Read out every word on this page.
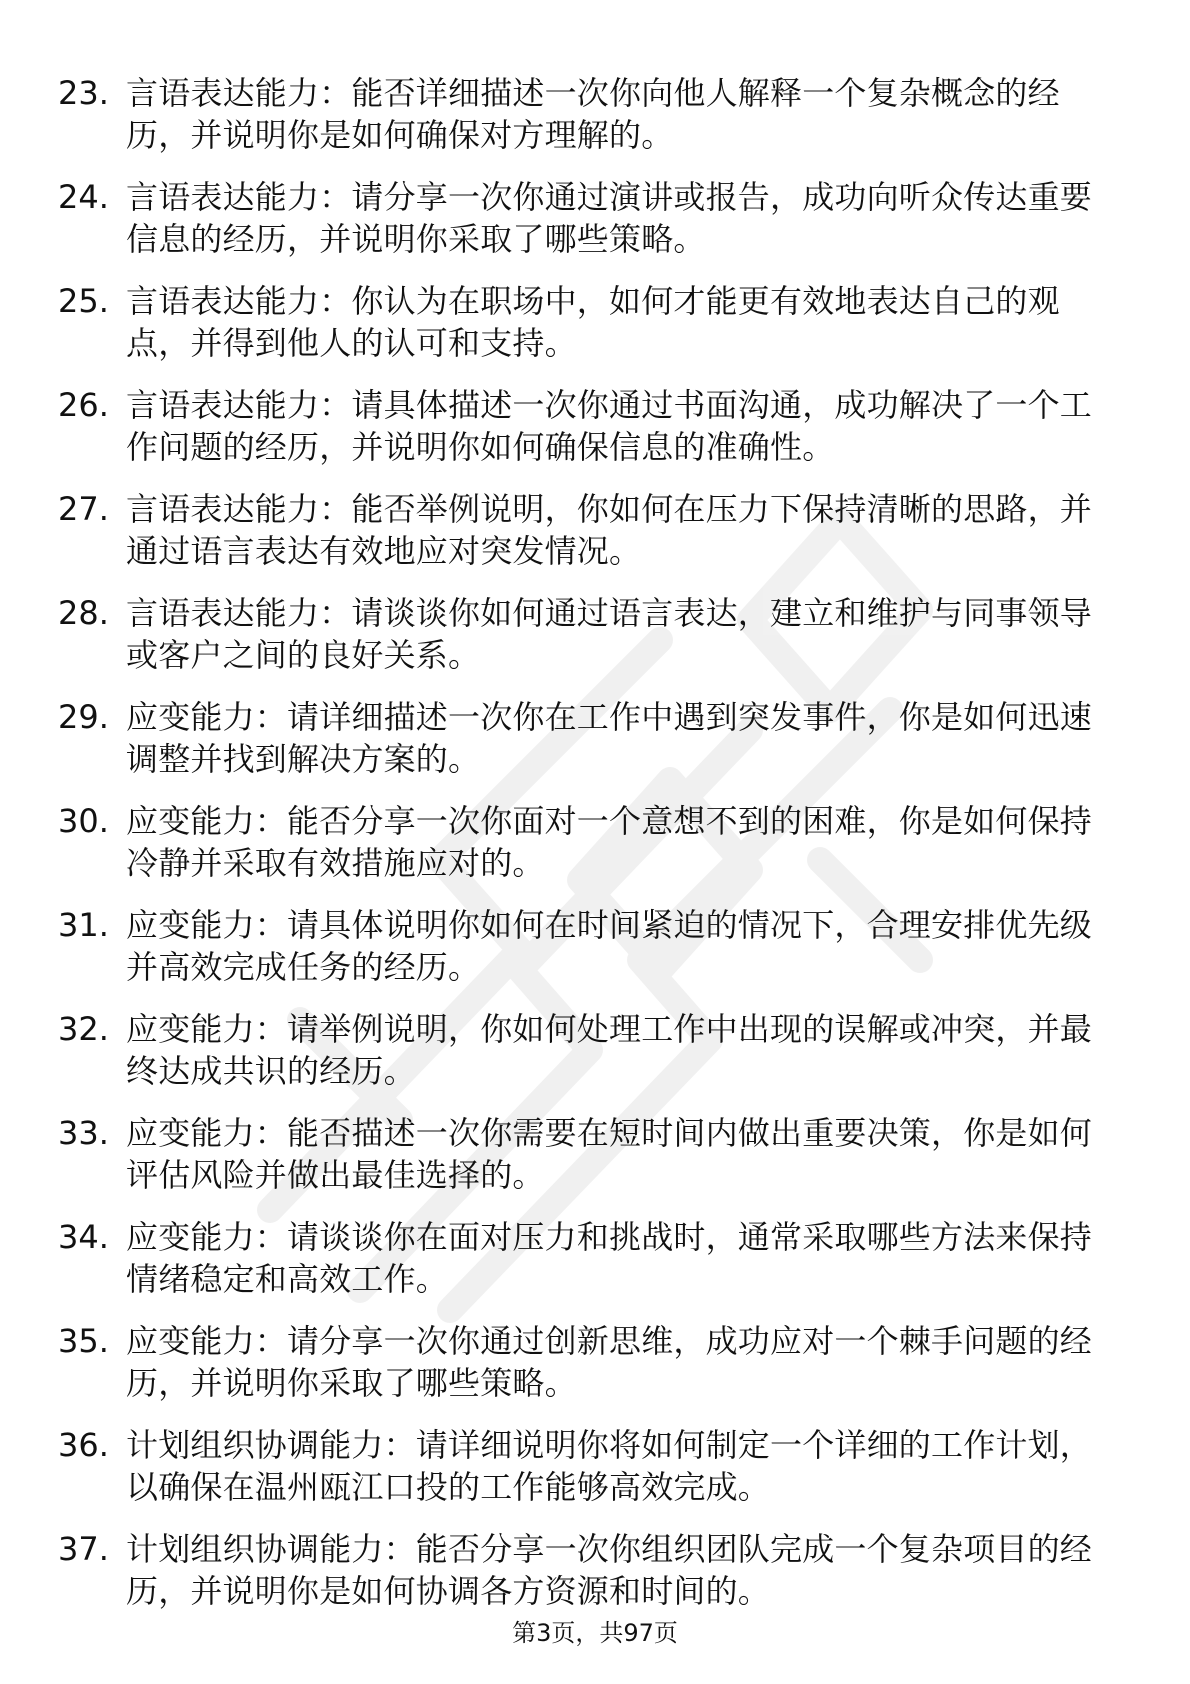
23. 言语表达能力：能否详细描述一次你向他人解释一个复杂概念的经历，并说明你是如何确保对方理解的。
24. 言语表达能力：请分享一次你通过演讲或报告，成功向听众传达重要信息的经历，并说明你采取了哪些策略。
25. 言语表达能力：你认为在职场中，如何才能更有效地表达自己的观点，并得到他人的认可和支持。
26. 言语表达能力：请具体描述一次你通过书面沟通，成功解决了一个工作问题的经历，并说明你如何确保信息的准确性。
27. 言语表达能力：能否举例说明，你如何在压力下保持清晰的思路，并通过语言表达有效地应对突发情况。
28. 言语表达能力：请谈谈你如何通过语言表达，建立和维护与同事领导或客户之间的良好关系。
29. 应变能力：请详细描述一次你在工作中遇到突发事件，你是如何迅速调整并找到解决方案的。
30. 应变能力：能否分享一次你面对一个意想不到的困难，你是如何保持冷静并采取有效措施应对的。
31. 应变能力：请具体说明你如何在时间紧迫的情况下，合理安排优先级并高效完成任务的经历。
32. 应变能力：请举例说明，你如何处理工作中出现的误解或冲突，并最终达成共识的经历。
33. 应变能力：能否描述一次你需要在短时间内做出重要决策，你是如何评估风险并做出最佳选择的。
34. 应变能力：请谈谈你在面对压力和挑战时，通常采取哪些方法来保持情绪稳定和高效工作。
35. 应变能力：请分享一次你通过创新思维，成功应对一个棘手问题的经历，并说明你采取了哪些策略。
36. 计划组织协调能力：请详细说明你将如何制定一个详细的工作计划，以确保在温州瓯江口投的工作能够高效完成。
37. 计划组织协调能力：能否分享一次你组织团队完成一个复杂项目的经历，并说明你是如何协调各方资源和时间的。
第3页，共97页
